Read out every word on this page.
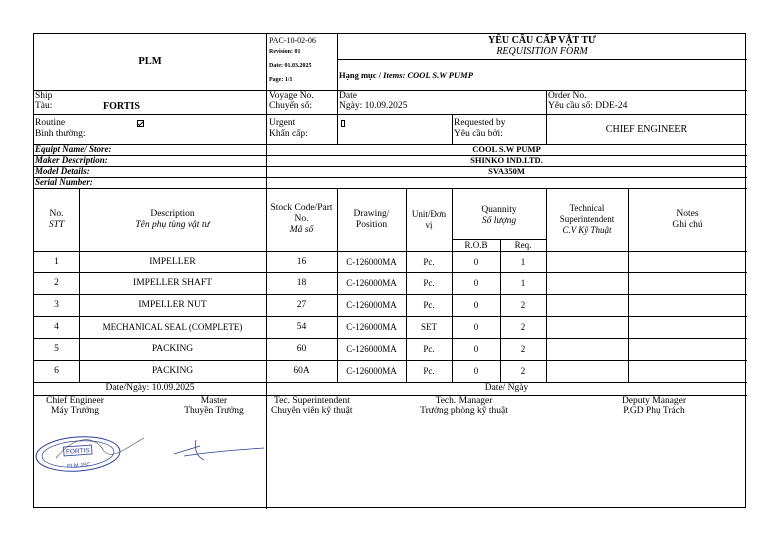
PLM
PAC-10-02-06
Revision: 01
Date: 01.03.2025
Page: 1/1
YÊU CẦU CẤP VẬT TƯ
REQUISITION FORM
Hạng mục / Items: COOL S.W PUMP
Ship
Tàu:	FORTIS
Voyage No.
Chuyến số:
Date
Ngày: 10.09.2025
Order No.
Yêu cầu số: DDE-24
Routine
Bình thường:
Urgent
Khẩn cấp:
Requested by
Yêu cầu bởi:	CHIEF ENGINEER
Equipt Name/ Store:	COOL S.W PUMP
Maker Description:	SHINKO IND.LTD.
Model Details:	SVA350M
Serial Number:
No.
STT
Description
Tên phụ tùng vật tư
Stock Code/Part
No.
Mã số
Drawing/
Position
Unit/Đơn
vị
Quannity
Số lượng
R.O.B	Req.
Technical
Superintendent
C.V Kỹ Thuật
Notes
Ghi chú
1	IMPELLER	16	C-126000MA	Pc.	0	1
2	IMPELLER SHAFT	18	C-126000MA	Pc.	0	1
3	IMPELLER NUT	27	C-126000MA	Pc.	0	2
4	MECHANICAL SEAL (COMPLETE)	54	C-126000MA	SET	0	2
5	PACKING	60	C-126000MA	Pc.	0	2
6	PACKING	60A	C-126000MA	Pc.	0	2
Date/Ngày: 10.09.2025	Date/ Ngày
Chief Engineer
Máy Trưởng
Master
Thuyền Trưởng
Tec. Superintendent
Chuyên viên kỹ thuật
Tech. Manager
Trưởng phòng kỹ thuật
Deputy Manager
P.GD Phụ Trách
FORTIS
PLM JSC
